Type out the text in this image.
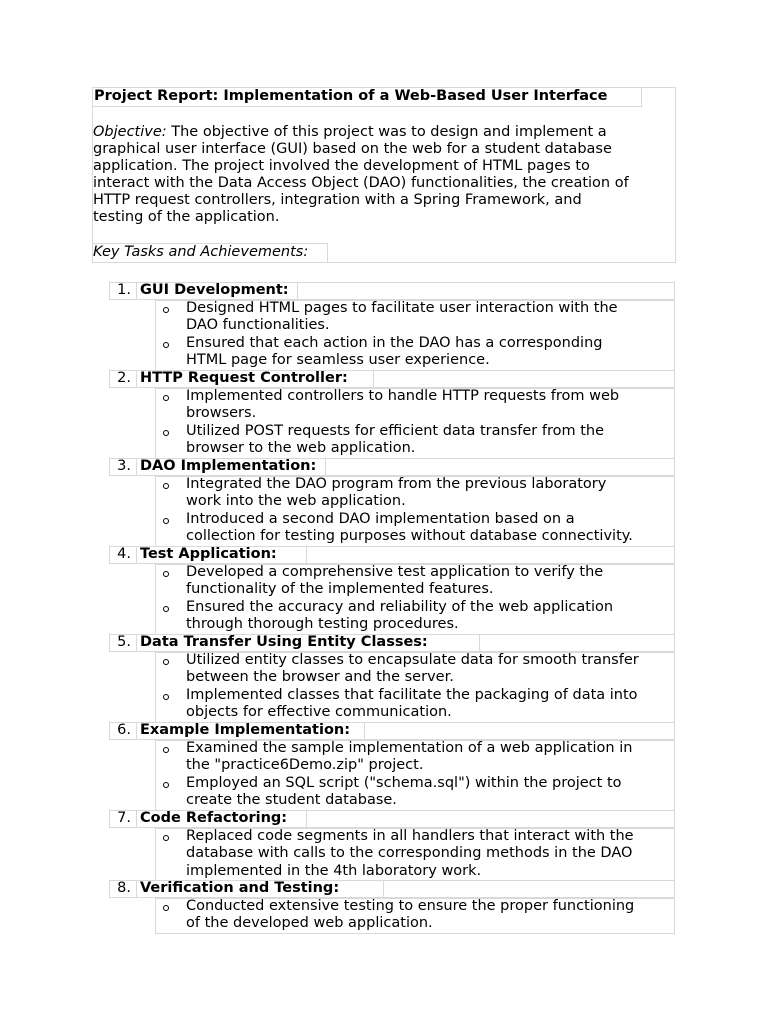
Project Report: Implementation of a Web-Based User Interface
Objective: The objective of this project was to design and implement a
graphical user interface (GUI) based on the web for a student database
application. The project involved the development of HTML pages to
interact with the Data Access Object (DAO) functionalities, the creation of
HTTP request controllers, integration with a Spring Framework, and
testing of the application.
Key Tasks and Achievements:
1. GUI Development:
Designed HTML pages to facilitate user interaction with the
DAO functionalities.
Ensured that each action in the DAO has a corresponding
HTML page for seamless user experience.
2. HTTP Request Controller:
Implemented controllers to handle HTTP requests from web
browsers.
Utilized POST requests for efficient data transfer from the
browser to the web application.
3. DAO Implementation:
Integrated the DAO program from the previous laboratory
work into the web application.
Introduced a second DAO implementation based on a
collection for testing purposes without database connectivity.
4. Test Application:
Developed a comprehensive test application to verify the
functionality of the implemented features.
Ensured the accuracy and reliability of the web application
through thorough testing procedures.
5. Data Transfer Using Entity Classes:
Utilized entity classes to encapsulate data for smooth transfer
between the browser and the server.
Implemented classes that facilitate the packaging of data into
objects for effective communication.
6. Example Implementation:
Examined the sample implementation of a web application in
the "practice6Demo.zip" project.
Employed an SQL script ("schema.sql") within the project to
create the student database.
7. Code Refactoring:
Replaced code segments in all handlers that interact with the
database with calls to the corresponding methods in the DAO
implemented in the 4th laboratory work.
8. Verification and Testing:
Conducted extensive testing to ensure the proper functioning
of the developed web application.
